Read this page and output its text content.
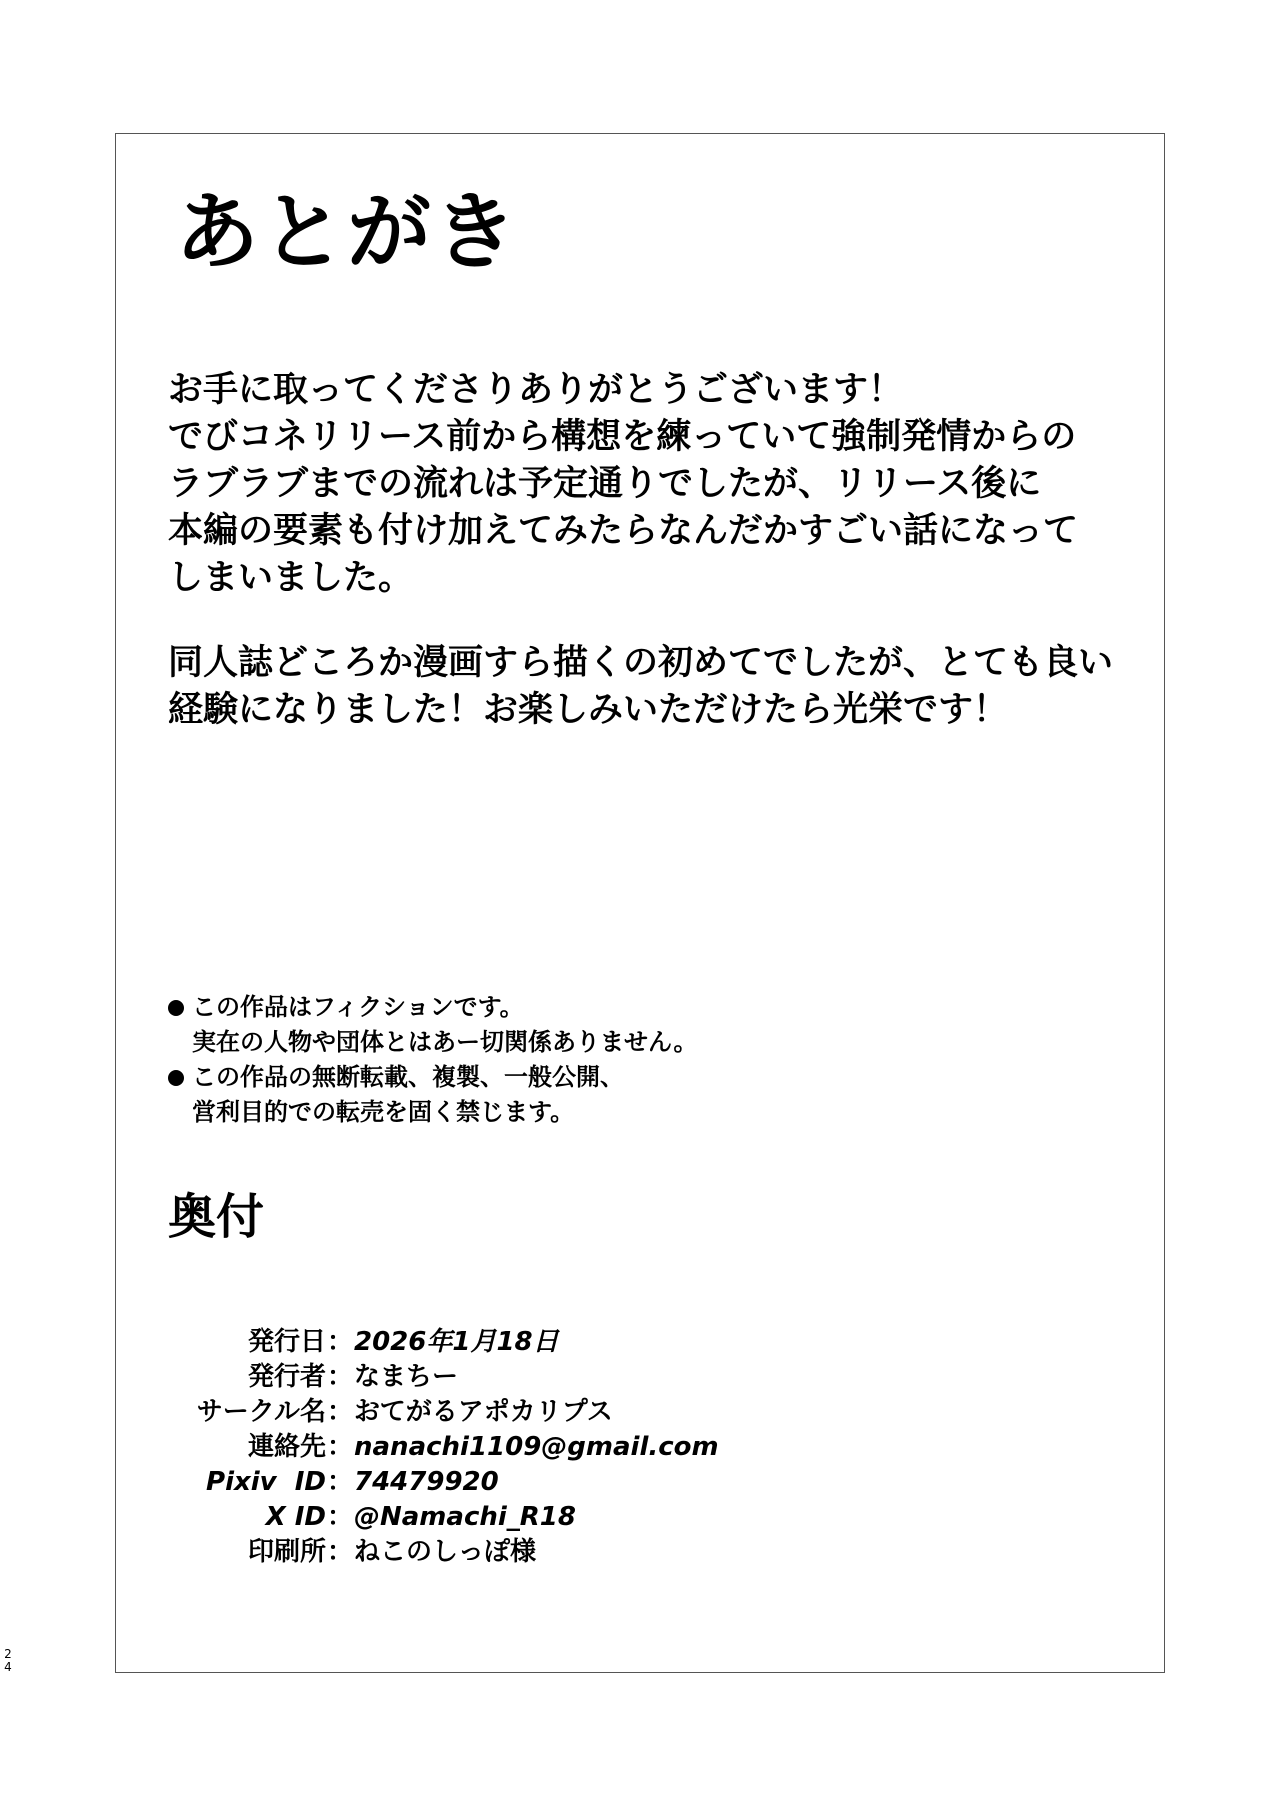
あとがき
お手に取ってくださりありがとうございます！
でびコネリリース前から構想を練っていて強制発情からの
ラブラブまでの流れは予定通りでしたが、リリース後に
本編の要素も付け加えてみたらなんだかすごい話になって
しまいました。
同人誌どころか漫画すら描くの初めてでしたが、とても良い
経験になりました！お楽しみいただけたら光栄です！
この作品はフィクションです。
実在の人物や団体とはあー切関係ありません。
この作品の無断転載、複製、一般公開、
営利目的での転売を固く禁じます。
奥付
発行日 ： 2026年1月18日
発行者 ： なまちー
サークル名 ： おてがるアポカリプス
連絡先 ： nanachi1109@gmail.com
Pixiv  ID ： 74479920
X ID ： @Namachi_R18
印刷所 ： ねこのしっぽ様
2
4
